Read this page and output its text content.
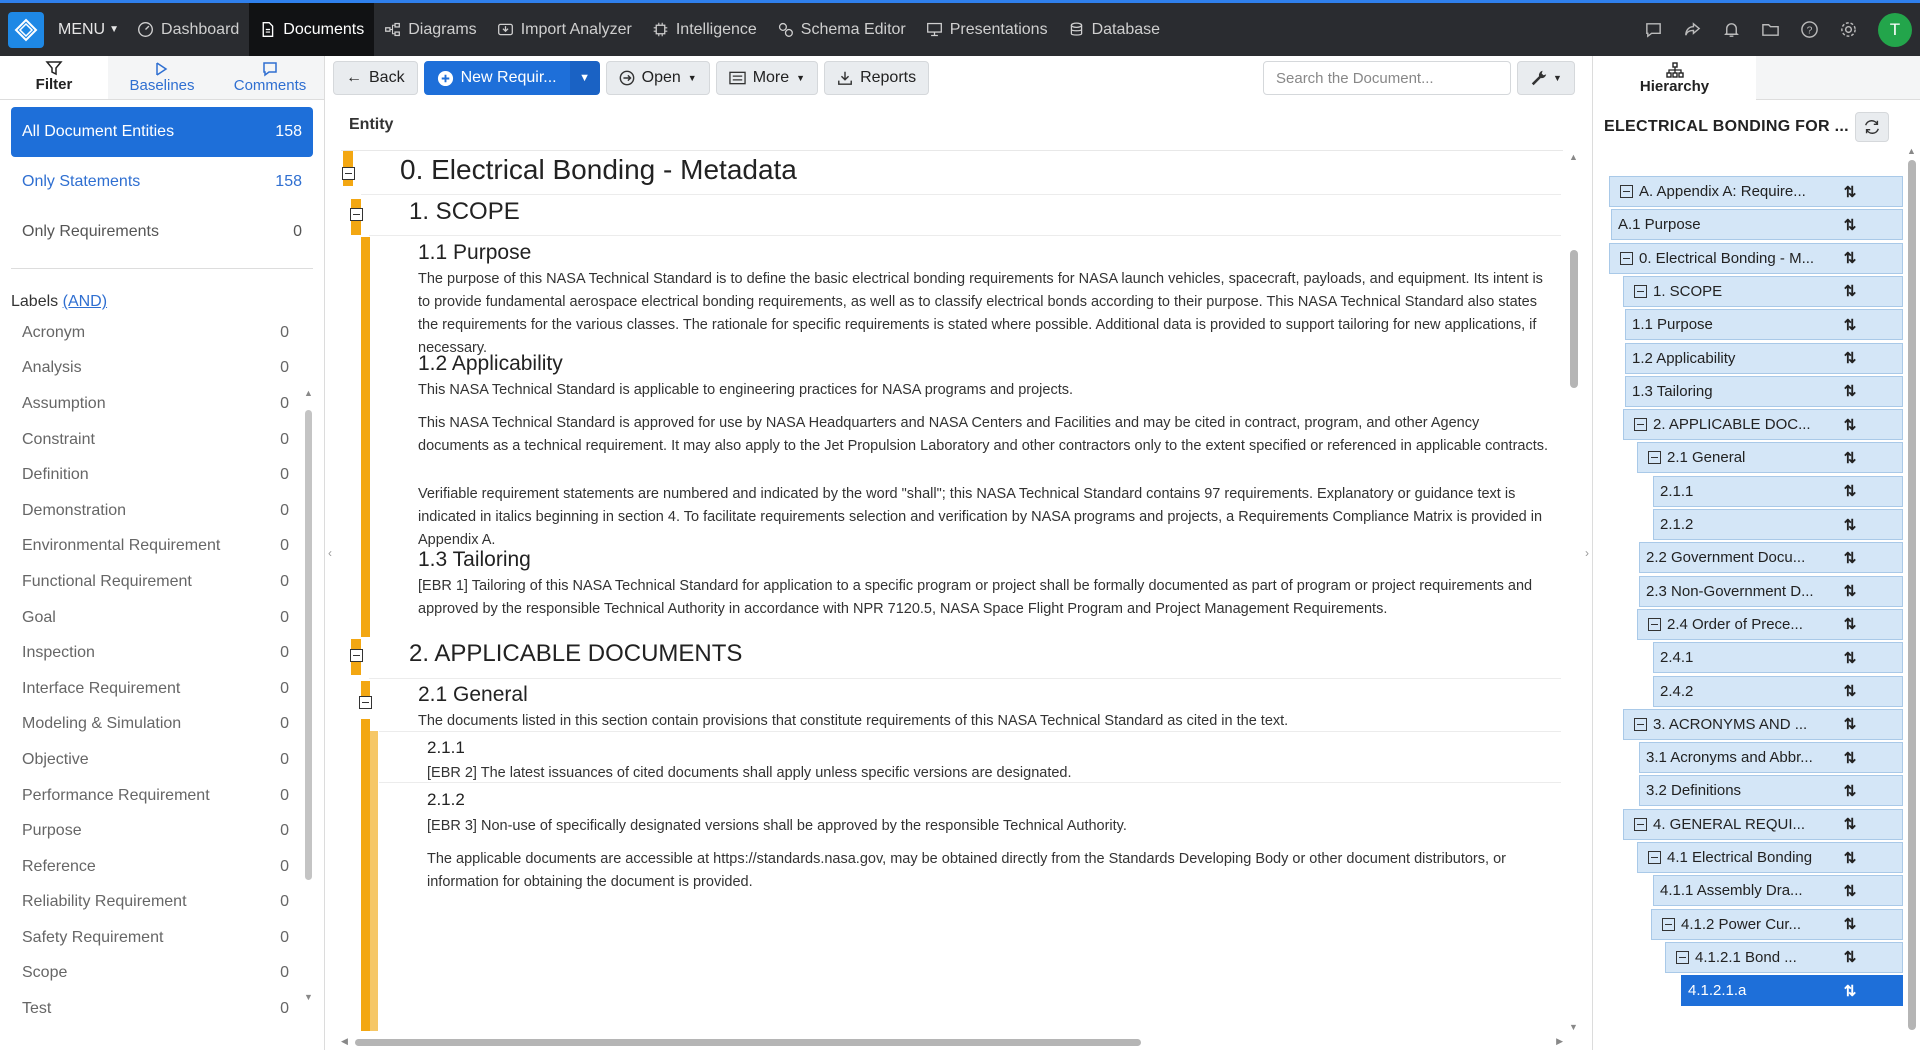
MENU ▼	Dashboard	Documents	Diagrams	Import Analyzer	Intelligence	Schema Editor	Presentations	Database	?	T
Filter	Baselines	Comments
All Document Entities	158
Only Statements	158
Only Requirements	0
Labels (AND)
Acronym	0
Analysis	0
Assumption	0
Constraint	0
Definition	0
Demonstration	0
Environmental Requirement	0
Functional Requirement	0
Goal	0
Inspection	0
Interface Requirement	0
Modeling & Simulation	0
Objective	0
Performance Requirement	0
Purpose	0
Reference	0
Reliability Requirement	0
Safety Requirement	0
Scope	0
Test	0
▲
▼
‹
← Back	New Requir... ▼	Open ▼	More ▼	Reports
Search the Document...	▼
Entity
0. Electrical Bonding - Metadata
1. SCOPE
1.1 Purpose
The purpose of this NASA Technical Standard is to define the basic electrical bonding requirements for NASA launch vehicles, spacecraft, payloads, and equipment. Its intent is to provide fundamental aerospace electrical bonding requirements, as well as to classify electrical bonds according to their purpose. This NASA Technical Standard also states the requirements for the various classes. The rationale for specific requirements is stated where possible. Additional data is provided to support tailoring for new applications, if necessary.
1.2 Applicability
This NASA Technical Standard is applicable to engineering practices for NASA programs and projects.
This NASA Technical Standard is approved for use by NASA Headquarters and NASA Centers and Facilities and may be cited in contract, program, and other Agency documents as a technical requirement. It may also apply to the Jet Propulsion Laboratory and other contractors only to the extent specified or referenced in applicable contracts.
Verifiable requirement statements are numbered and indicated by the word "shall"; this NASA Technical Standard contains 97 requirements. Explanatory or guidance text is indicated in italics beginning in section 4. To facilitate requirements selection and verification by NASA programs and projects, a Requirements Compliance Matrix is provided in Appendix A.
1.3 Tailoring
[EBR 1] Tailoring of this NASA Technical Standard for application to a specific program or project shall be formally documented as part of program or project requirements and approved by the responsible Technical Authority in accordance with NPR 7120.5, NASA Space Flight Program and Project Management Requirements.
2. APPLICABLE DOCUMENTS
2.1 General
The documents listed in this section contain provisions that constitute requirements of this NASA Technical Standard as cited in the text.
2.1.1
[EBR 2] The latest issuances of cited documents shall apply unless specific versions are designated.
2.1.2
[EBR 3] Non-use of specifically designated versions shall be approved by the responsible Technical Authority.
The applicable documents are accessible at https://standards.nasa.gov, may be obtained directly from the Standards Developing Body or other document distributors, or information for obtaining the document is provided.
▲
▼
◀	▶
›
Hierarchy
ELECTRICAL BONDING FOR ...
A. Appendix A: Require...	⇅
A.1 Purpose	⇅
0. Electrical Bonding - M...	⇅
1. SCOPE	⇅
1.1 Purpose	⇅
1.2 Applicability	⇅
1.3 Tailoring	⇅
2. APPLICABLE DOC...	⇅
2.1 General	⇅
2.1.1	⇅
2.1.2	⇅
2.2 Government Docu...	⇅
2.3 Non-Government D...	⇅
2.4 Order of Prece...	⇅
2.4.1	⇅
2.4.2	⇅
3. ACRONYMS AND ...	⇅
3.1 Acronyms and Abbr...	⇅
3.2 Definitions	⇅
4. GENERAL REQUI...	⇅
4.1 Electrical Bonding	⇅
4.1.1 Assembly Dra...	⇅
4.1.2 Power Cur...	⇅
4.1.2.1 Bond ...	⇅
4.1.2.1.a	⇅
▲
